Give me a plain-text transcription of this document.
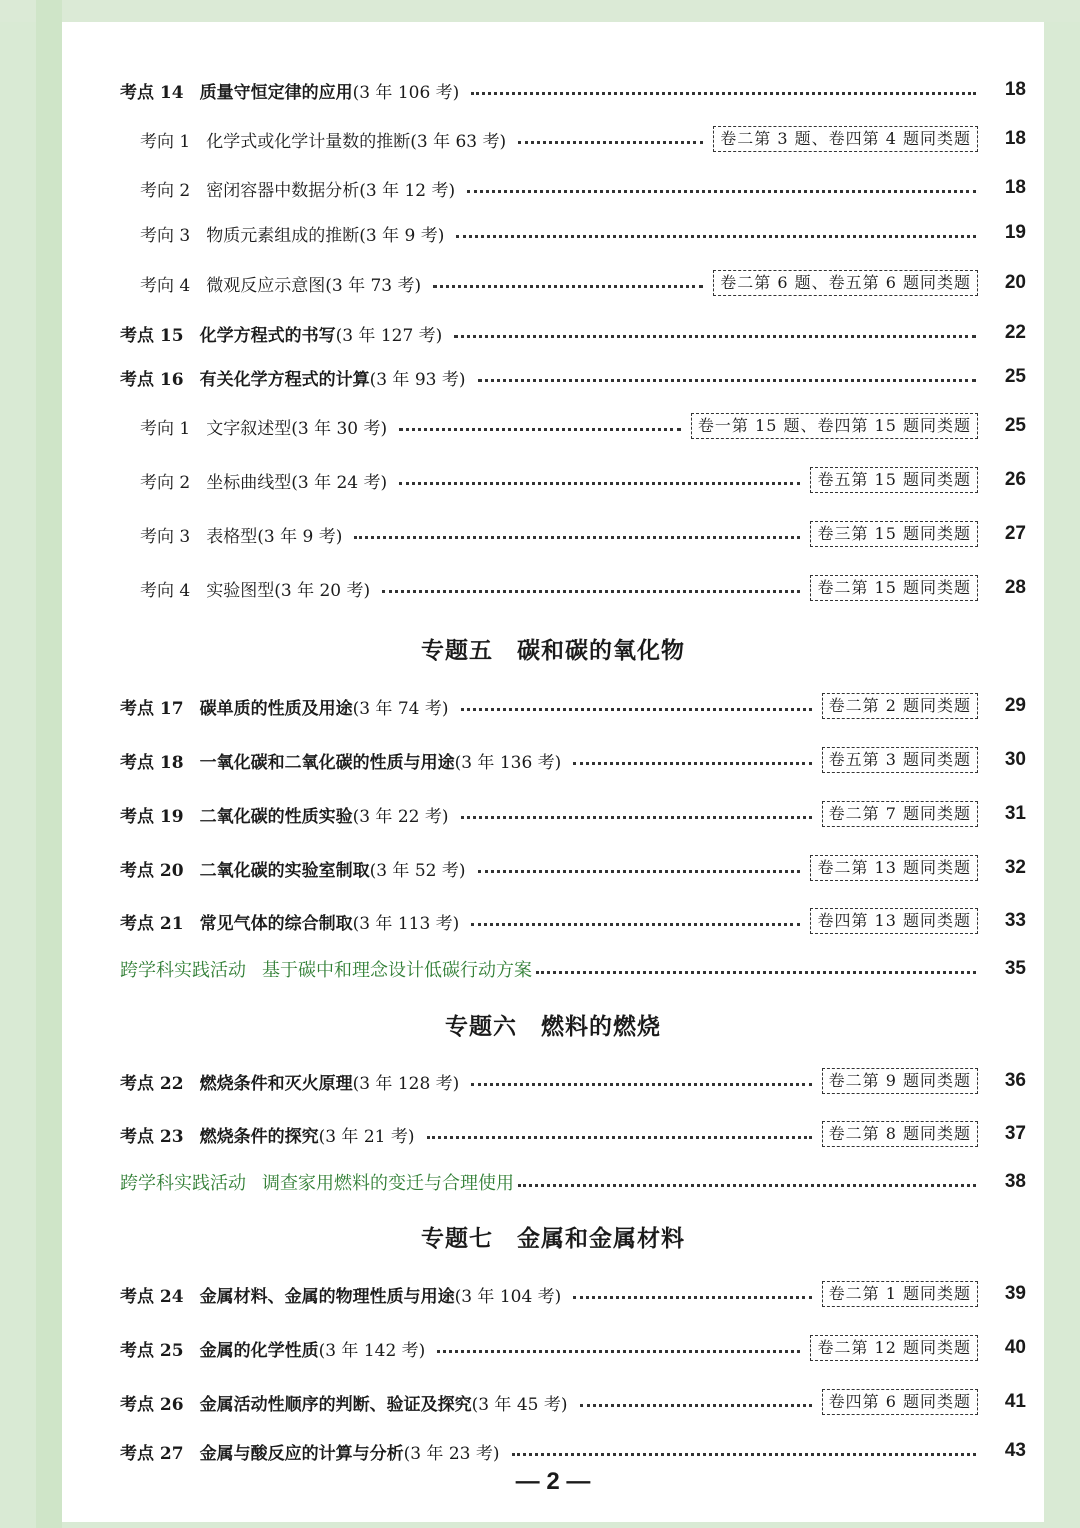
考点 14 质量守恒定律的应用(3 年 106 考)	18
考向 1 化学式或化学计量数的推断(3 年 63 考)	卷二第 3 题、卷四第 4 题同类题	18
考向 2 密闭容器中数据分析(3 年 12 考)	18
考向 3 物质元素组成的推断(3 年 9 考)	19
考向 4 微观反应示意图(3 年 73 考)	卷二第 6 题、卷五第 6 题同类题	20
考点 15 化学方程式的书写(3 年 127 考)	22
考点 16 有关化学方程式的计算(3 年 93 考)	25
考向 1 文字叙述型(3 年 30 考)	卷一第 15 题、卷四第 15 题同类题	25
考向 2 坐标曲线型(3 年 24 考)	卷五第 15 题同类题	26
考向 3 表格型(3 年 9 考)	卷三第 15 题同类题	27
考向 4 实验图型(3 年 20 考)	卷二第 15 题同类题	28
专题五 碳和碳的氧化物
考点 17 碳单质的性质及用途(3 年 74 考)	卷二第 2 题同类题	29
考点 18 一氧化碳和二氧化碳的性质与用途(3 年 136 考)	卷五第 3 题同类题	30
考点 19 二氧化碳的性质实验(3 年 22 考)	卷二第 7 题同类题	31
考点 20 二氧化碳的实验室制取(3 年 52 考)	卷二第 13 题同类题	32
考点 21 常见气体的综合制取(3 年 113 考)	卷四第 13 题同类题	33
跨学科实践活动 基于碳中和理念设计低碳行动方案	35
专题六 燃料的燃烧
考点 22 燃烧条件和灭火原理(3 年 128 考)	卷二第 9 题同类题	36
考点 23 燃烧条件的探究(3 年 21 考)	卷二第 8 题同类题	37
跨学科实践活动 调查家用燃料的变迁与合理使用	38
专题七 金属和金属材料
考点 24 金属材料、金属的物理性质与用途(3 年 104 考)	卷二第 1 题同类题	39
考点 25 金属的化学性质(3 年 142 考)	卷二第 12 题同类题	40
考点 26 金属活动性顺序的判断、验证及探究(3 年 45 考)	卷四第 6 题同类题	41
考点 27 金属与酸反应的计算与分析(3 年 23 考)	43
— 2 —
